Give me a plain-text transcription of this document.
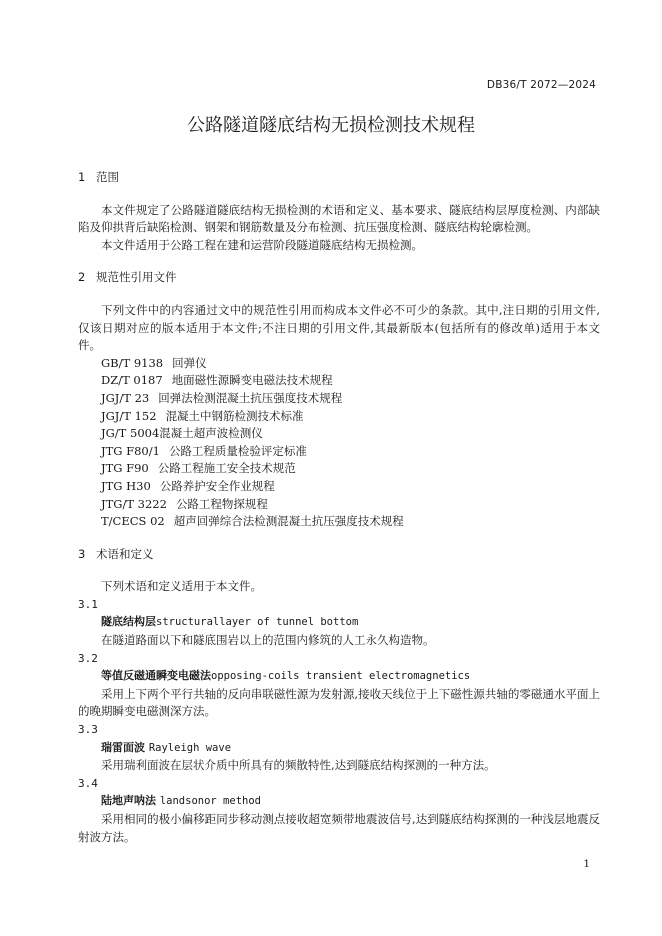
DB36/T 2072—2024
公路隧道隧底结构无损检测技术规程
1 范围

本文件规定了公路隧道隧底结构无损检测的术语和定义、基本要求、隧底结构层厚度检测、内部缺陷及仰拱背后缺陷检测、钢架和钢筋数量及分布检测、抗压强度检测、隧底结构轮廓检测。

本文件适用于公路工程在建和运营阶段隧道隧底结构无损检测。

2 规范性引用文件

下列文件中的内容通过文中的规范性引用而构成本文件必不可少的条款。其中,注日期的引用文件,仅该日期对应的版本适用于本文件;不注日期的引用文件,其最新版本(包括所有的修改单)适用于本文件。

GB/T 9138 回弹仪
DZ/T 0187 地面磁性源瞬变电磁法技术规程
JGJ/T 23 回弹法检测混凝土抗压强度技术规程
JGJ/T 152 混凝土中钢筋检测技术标准
JG/T 5004混凝土超声波检测仪
JTG F80/1 公路工程质量检验评定标准
JTG F90 公路工程施工安全技术规范
JTG H30 公路养护安全作业规程
JTG/T 3222 公路工程物探规程
T/CECS 02 超声回弹综合法检测混凝土抗压强度技术规程
3 术语和定义

下列术语和定义适用于本文件。

3.1
隧底结构层structurallayer of tunnel bottom

在隧道路面以下和隧底围岩以上的范围内修筑的人工永久构造物。

3.2
等值反磁通瞬变电磁法opposing-coils transient electromagnetics

采用上下两个平行共轴的反向串联磁性源为发射源,接收天线位于上下磁性源共轴的零磁通水平面上的晚期瞬变电磁测深方法。

3.3
瑞雷面波 Rayleigh wave

采用瑞利面波在层状介质中所具有的频散特性,达到隧底结构探测的一种方法。

3.4
陆地声呐法 landsonor method

采用相同的极小偏移距同步移动测点接收超宽频带地震波信号,达到隧底结构探测的一种浅层地震反射波方法。

1
